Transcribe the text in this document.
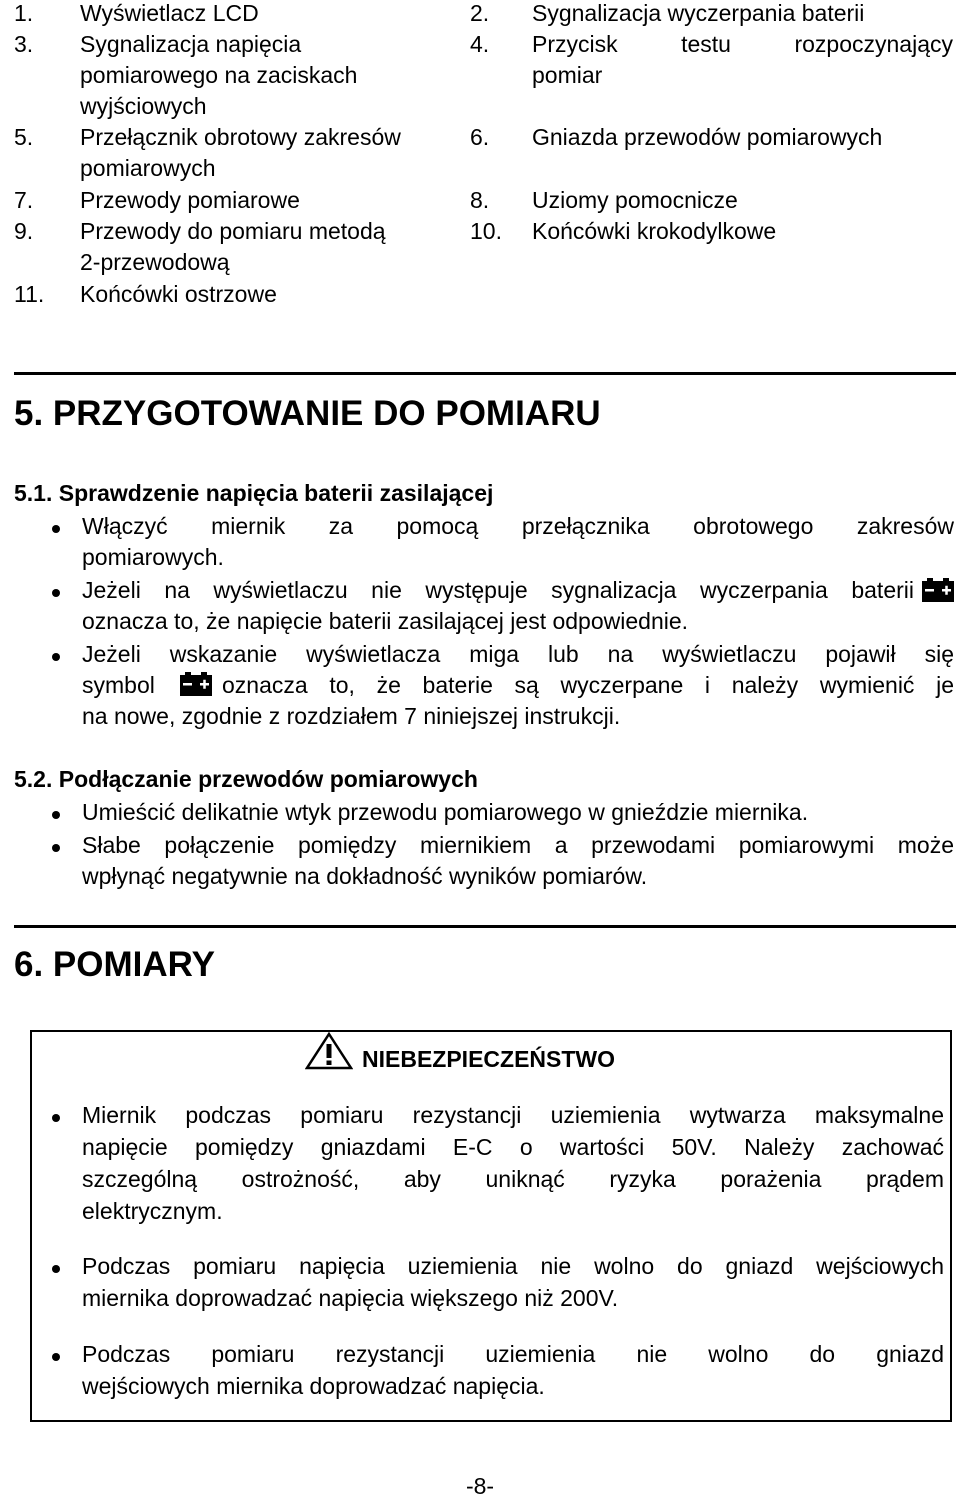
1. Wyświetlacz LCD
3. Sygnalizacja napięcia
pomiarowego na zaciskach
wyjściowych
5. Przełącznik obrotowy zakresów
pomiarowych
7. Przewody pomiarowe
9. Przewody do pomiaru metodą
2-przewodową
11. Końcówki ostrzowe
2. Sygnalizacja wyczerpania baterii
4. Przycisk testu rozpoczynający
pomiar
6. Gniazda przewodów pomiarowych
8. Uziomy pomocnicze
10. Końcówki krokodylkowe
5. PRZYGOTOWANIE DO POMIARU
5.1. Sprawdzenie napięcia baterii zasilającej
Włączyć miernik za pomocą przełącznika obrotowego zakresów
pomiarowych.
Jeżeli na wyświetlaczu nie występuje sygnalizacja wyczerpania baterii
oznacza to, że napięcie baterii zasilającej jest odpowiednie.
Jeżeli wskazanie wyświetlacza miga lub na wyświetlaczu pojawił się
symbol	oznacza to, że baterie są wyczerpane i należy wymienić je
na nowe, zgodnie z rozdziałem 7 niniejszej instrukcji.
5.2. Podłączanie przewodów pomiarowych
Umieścić delikatnie wtyk przewodu pomiarowego w gnieździe miernika.
Słabe połączenie pomiędzy miernikiem a przewodami pomiarowymi może
wpłynąć negatywnie na dokładność wyników pomiarów.
6. POMIARY
NIEBEZPIECZEŃSTWO
Miernik podczas pomiaru rezystancji uziemienia wytwarza maksymalne
napięcie pomiędzy gniazdami E-C o wartości 50V. Należy zachować
szczególną ostrożność, aby uniknąć ryzyka porażenia prądem
elektrycznym.
Podczas pomiaru napięcia uziemienia nie wolno do gniazd wejściowych
miernika doprowadzać napięcia większego niż 200V.
Podczas pomiaru rezystancji uziemienia nie wolno do gniazd
wejściowych miernika doprowadzać napięcia.
-8-
